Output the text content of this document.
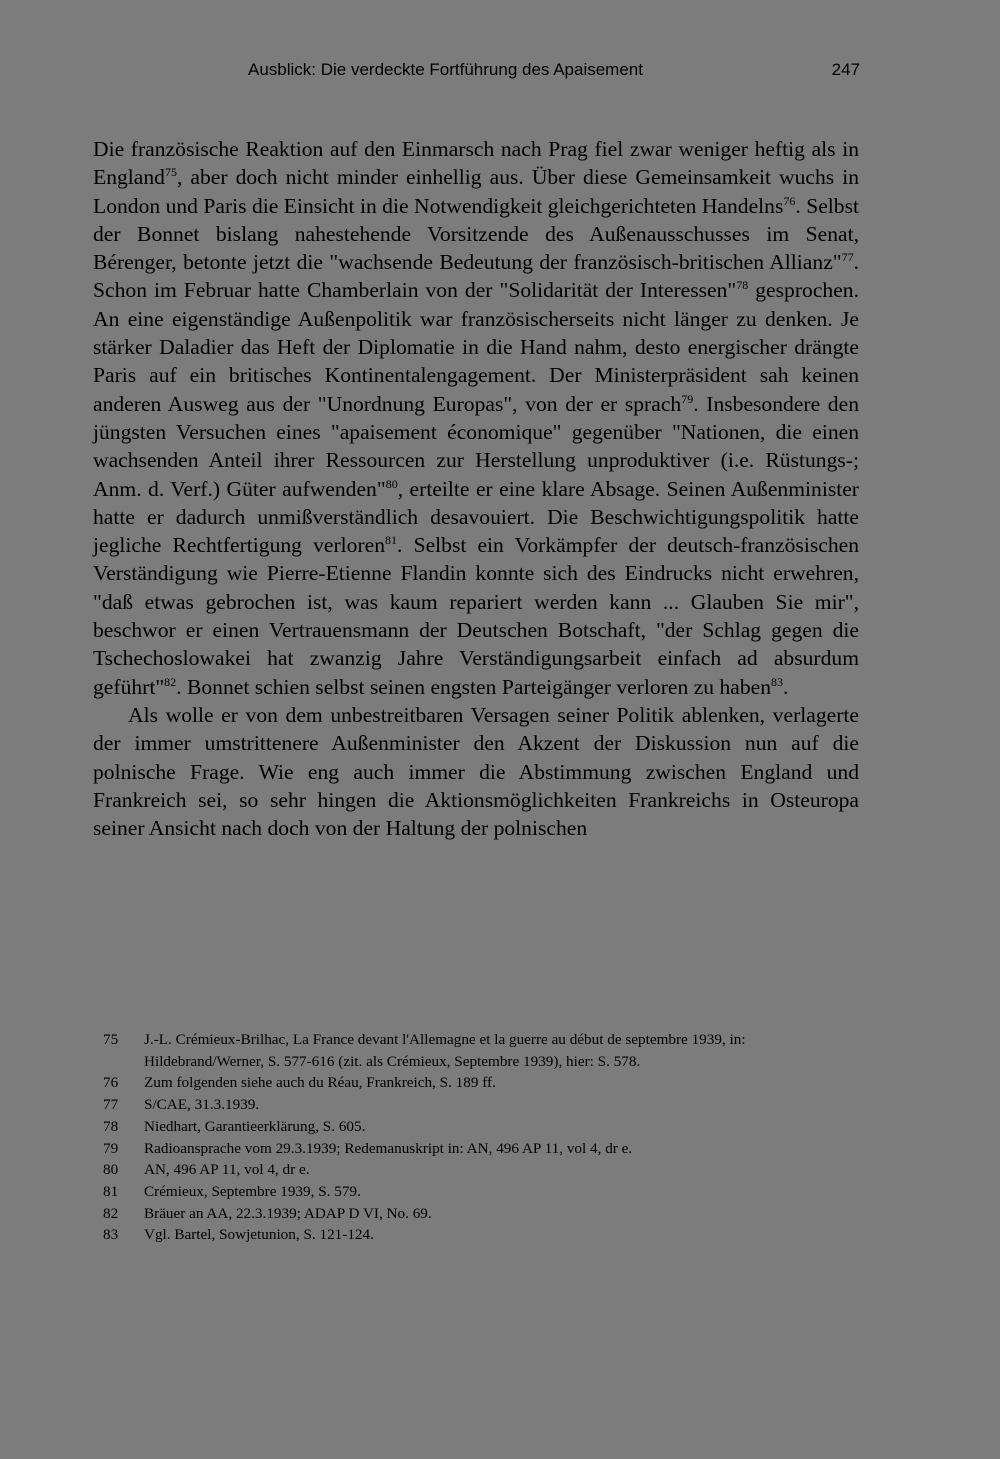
Ausblick: Die verdeckte Fortführung des Apaisement	247

Die französische Reaktion auf den Einmarsch nach Prag fiel zwar weniger heftig als in England$^{75}$, aber doch nicht minder einhellig aus. Über diese Gemeinsamkeit wuchs in London und Paris die Einsicht in die Notwendigkeit gleichgerichteten Handelns$^{76}$. Selbst der Bonnet bislang nahestehende Vorsitzende des Außenausschusses im Senat, Bérenger, betonte jetzt die "wachsende Bedeutung der französisch-britischen Allianz"$^{77}$. Schon im Februar hatte Chamberlain von der "Solidarität der Interessen"$^{78}$ gesprochen. An eine eigenständige Außenpolitik war französischerseits nicht länger zu denken. Je stärker Daladier das Heft der Diplomatie in die Hand nahm, desto energischer drängte Paris auf ein britisches Kontinentalengagement. Der Ministerpräsident sah keinen anderen Ausweg aus der "Unordnung Europas", von der er sprach$^{79}$. Insbesondere den jüngsten Versuchen eines "apaisement économique" gegenüber "Nationen, die einen wachsenden Anteil ihrer Ressourcen zur Herstellung unproduktiver (i.e. Rüstungs-; Anm. d. Verf.) Güter aufwenden"$^{80}$, erteilte er eine klare Absage. Seinen Außenminister hatte er dadurch unmißverständlich desavouiert. Die Beschwichtigungspolitik hatte jegliche Rechtfertigung verloren$^{81}$. Selbst ein Vorkämpfer der deutsch-französischen Verständigung wie Pierre-Etienne Flandin konnte sich des Eindrucks nicht erwehren, "daß etwas gebrochen ist, was kaum repariert werden kann ... Glauben Sie mir", beschwor er einen Vertrauensmann der Deutschen Botschaft, "der Schlag gegen die Tschechoslowakei hat zwanzig Jahre Verständigungsarbeit einfach ad absurdum geführt"$^{82}$. Bonnet schien selbst seinen engsten Parteigänger verloren zu haben$^{83}$.

Als wolle er von dem unbestreitbaren Versagen seiner Politik ablenken, verlagerte der immer umstrittenere Außenminister den Akzent der Diskussion nun auf die polnische Frage. Wie eng auch immer die Abstimmung zwischen England und Frankreich sei, so sehr hingen die Aktionsmöglichkeiten Frankreichs in Osteuropa seiner Ansicht nach doch von der Haltung der polnischen

75	J.-L. Crémieux-Brilhac, La France devant l'Allemagne et la guerre au début de septembre 1939, in: Hildebrand/Werner, S. 577-616 (zit. als Crémieux, Septembre 1939), hier: S. 578.
76	Zum folgenden siehe auch du Réau, Frankreich, S. 189 ff.
77	S/CAE, 31.3.1939.
78	Niedhart, Garantieerklärung, S. 605.
79	Radioansprache vom 29.3.1939; Redemanuskript in: AN, 496 AP 11, vol 4, dr e.
80	AN, 496 AP 11, vol 4, dr e.
81	Crémieux, Septembre 1939, S. 579.
82	Bräuer an AA, 22.3.1939; ADAP D VI, No. 69.
83	Vgl. Bartel, Sowjetunion, S. 121-124.
